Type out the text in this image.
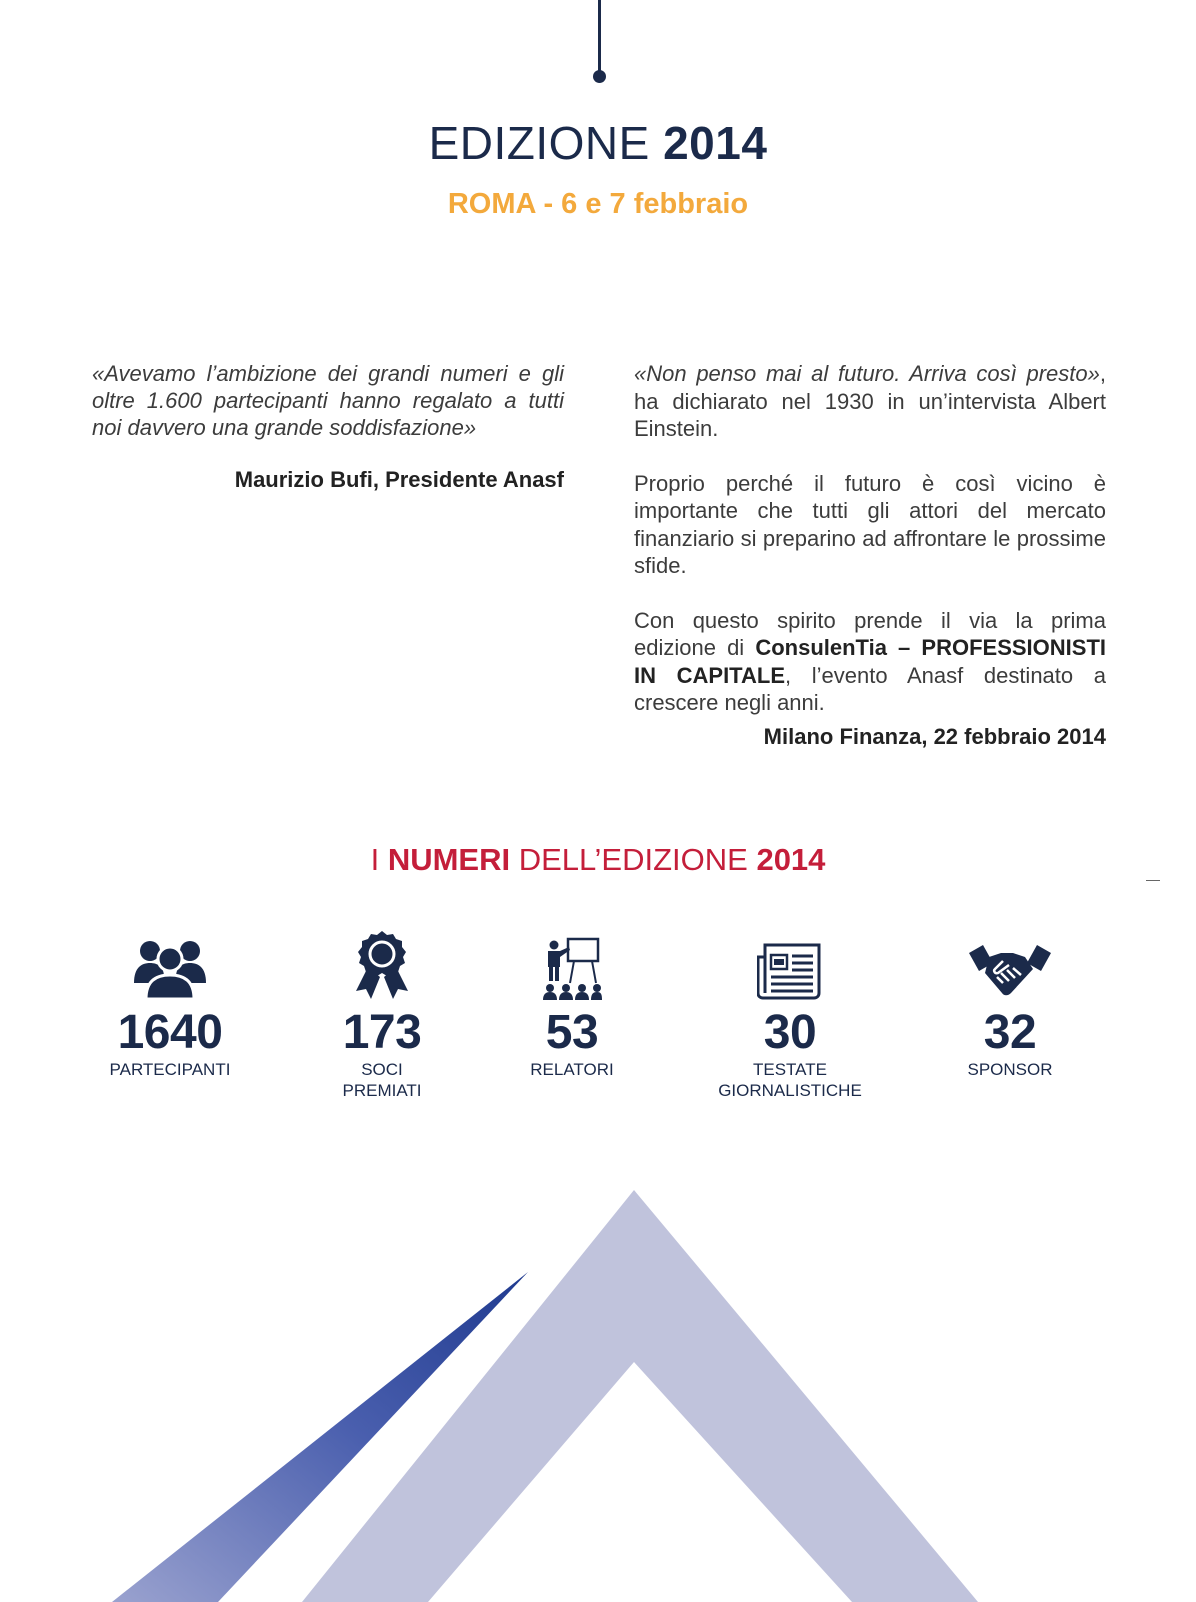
EDIZIONE 2014
ROMA - 6 e 7 febbraio

«Avevamo l’ambizione dei grandi numeri e gli oltre 1.600 partecipanti hanno regalato a tutti noi davvero una grande soddisfazione»

Maurizio Bufi, Presidente Anasf

«Non penso mai al futuro. Arriva così presto», ha dichiarato nel 1930 in un’intervista Albert Einstein.

Proprio perché il futuro è così vicino è importante che tutti gli attori del mercato finanziario si preparino ad affrontare le prossime sfide.

Con questo spirito prende il via la prima edizione di ConsulenTia – PROFESSIONISTI IN CAPITALE, l’evento Anasf destinato a crescere negli anni.

Milano Finanza, 22 febbraio 2014
I NUMERI DELL’EDIZIONE 2014
1640
PARTECIPANTI
173
SOCI
PREMIATI
53
RELATORI
30
TESTATE
GIORNALISTICHE
32
SPONSOR
